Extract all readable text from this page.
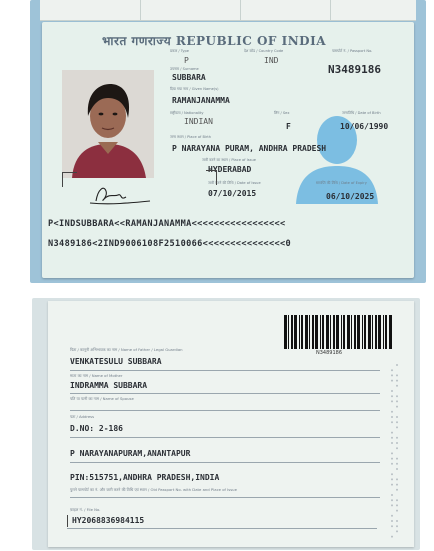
भारत गणराज्य REPUBLIC OF INDIA
प्रकार / Type
P
देश कोड / Country Code
IND
पासपोर्ट नं. / Passport No.
N3489186
उपनाम / Surname
SUBBARA
दिया गया नाम / Given Name(s)
RAMANJANAMMA
राष्ट्रीयता / Nationality
INDIAN
लिंग / Sex
F
जन्मतिथि / Date of Birth
10/06/1990
जन्म स्थान / Place of Birth
P NARAYANA PURAM, ANDHRA PRADESH
जारी करने का स्थान / Place of Issue
HYDERABAD
जारी करने की तिथि / Date of Issue
07/10/2015
समाप्ति की तिथि / Date of Expiry
06/10/2025
P<INDSUBBARA<<RAMANJANAMMA<<<<<<<<<<<<<<<<<
N3489186<2IND9006108F2510066<<<<<<<<<<<<<<<0
N3489186
पिता / कानूनी अभिभावक का नाम / Name of Father / Legal Guardian
VENKATESULU SUBBARA
माता का नाम / Name of Mother
INDRAMMA SUBBARA
पति या पत्नी का नाम / Name of Spouse
पता / Address
D.NO: 2-186
P NARAYANAPURAM,ANANTAPUR
PIN:515751,ANDHRA PRADESH,INDIA
पुराने पासपोर्ट का नं. और जारी करने की तिथि एवं स्थान / Old Passport No. with Date and Place of Issue
फ़ाइल नं. / File No.
HY2068836984115
